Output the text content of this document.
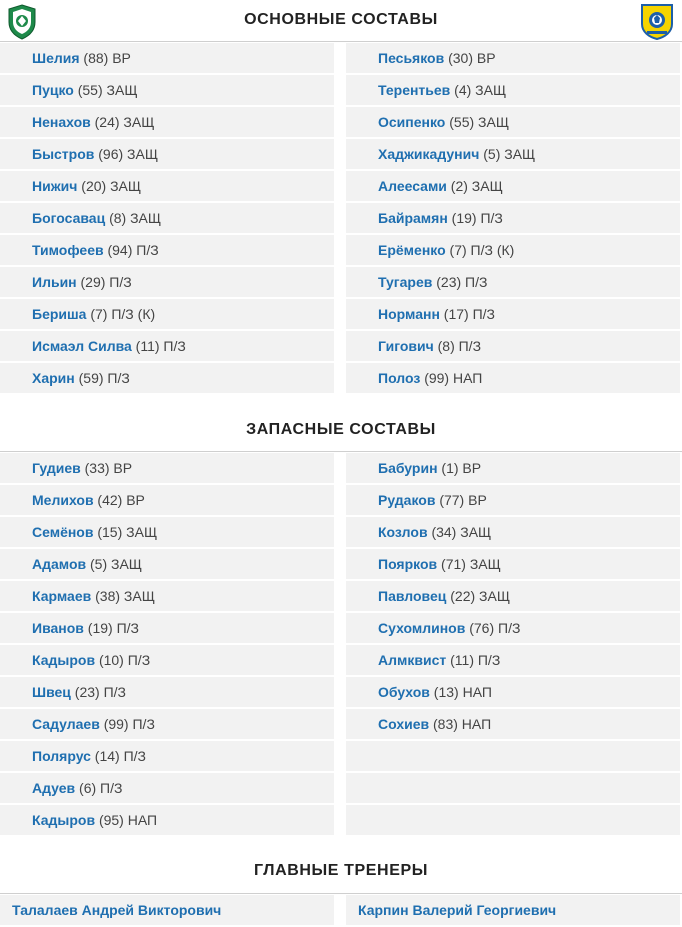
ОСНОВНЫЕ СОСТАВЫ
Шелия (88) ВР
Пуцко (55) ЗАЩ
Ненахов (24) ЗАЩ
Быстров (96) ЗАЩ
Нижич (20) ЗАЩ
Богосавац (8) ЗАЩ
Тимофеев (94) П/З
Ильин (29) П/З
Бериша (7) П/З (К)
Исмаэл Силва (11) П/З
Харин (59) П/З
Песьяков (30) ВР
Терентьев (4) ЗАЩ
Осипенко (55) ЗАЩ
Хаджикадунич (5) ЗАЩ
Алеесами (2) ЗАЩ
Байрамян (19) П/З
Ерёменко (7) П/З (К)
Тугарев (23) П/З
Норманн (17) П/З
Гигович (8) П/З
Полоз (99) НАП
ЗАПАСНЫЕ СОСТАВЫ
Гудиев (33) ВР
Мелихов (42) ВР
Семёнов (15) ЗАЩ
Адамов (5) ЗАЩ
Кармаев (38) ЗАЩ
Иванов (19) П/З
Кадыров (10) П/З
Швец (23) П/З
Садулаев (99) П/З
Полярус (14) П/З
Адуев (6) П/З
Кадыров (95) НАП
Бабурин (1) ВР
Рудаков (77) ВР
Козлов (34) ЗАЩ
Поярков (71) ЗАЩ
Павловец (22) ЗАЩ
Сухомлинов (76) П/З
Алмквист (11) П/З
Обухов (13) НАП
Сохиев (83) НАП
ГЛАВНЫЕ ТРЕНЕРЫ
Талалаев Андрей Викторович	Карпин Валерий Георгиевич
